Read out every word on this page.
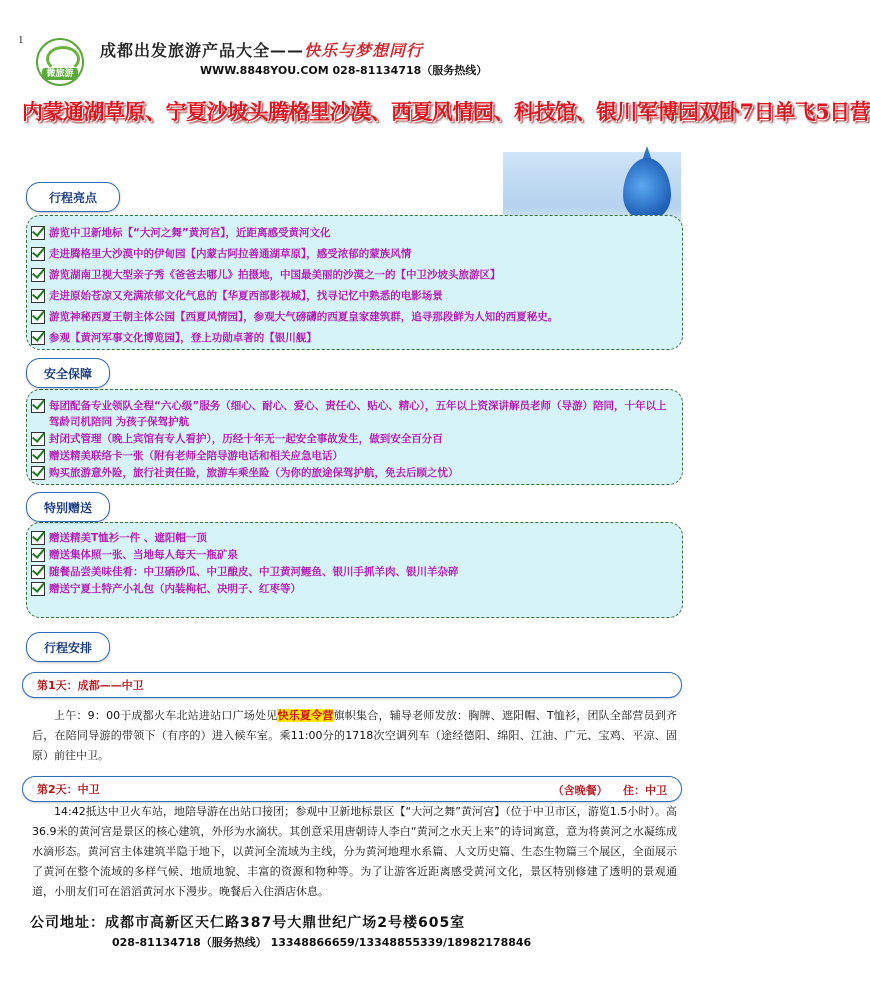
1
微旅游
成都出发旅游产品大全——快乐与梦想同行
WWW.8848YOU.COM 028-81134718（服务热线）
内蒙通湖草原、宁夏沙坡头腾格里沙漠、西夏风情园、科技馆、银川军博园双卧7日单飞5日营
行程亮点
游览中卫新地标【“大河之舞”黄河宫】，近距离感受黄河文化
走进腾格里大沙漠中的伊甸园【内蒙古阿拉善通湖草原】，感受浓郁的蒙族风情
游览湖南卫视大型亲子秀《爸爸去哪儿》拍摄地，中国最美丽的沙漠之一的【中卫沙坡头旅游区】
走进原始苍凉又充满浓郁文化气息的【华夏西部影视城】，找寻记忆中熟悉的电影场景
游览神秘西夏王朝主体公园【西夏风情园】，参观大气磅礴的西夏皇家建筑群，追寻那段鲜为人知的西夏秘史。
参观【黄河军事文化博览园】，登上功勋卓著的【银川舰】
安全保障
每团配备专业领队全程“六心级”服务（细心、耐心、爱心、责任心、贴心、精心），五年以上资深讲解员老师（导游）陪同，十年以上驾龄司机陪同 为孩子保驾护航
封闭式管理（晚上宾馆有专人看护），历经十年无一起安全事故发生，做到安全百分百
赠送精美联络卡一张（附有老师全陪导游电话和相关应急电话）
购买旅游意外险，旅行社责任险，旅游车乘坐险（为你的旅途保驾护航，免去后顾之忧）
特别赠送
赠送精美T恤衫一件 、遮阳帽一顶
赠送集体照一张、当地每人每天一瓶矿泉
随餐品尝美味佳肴：中卫硒砂瓜、中卫酿皮、中卫黄河鲤鱼、银川手抓羊肉、银川羊杂碎
赠送宁夏土特产小礼包（内装枸杞、决明子、红枣等）
行程安排
第1天：成都——中卫
上午：9：00于成都火车北站进站口广场处见快乐夏令营旗帜集合，辅导老师发放：胸牌、遮阳帽、T恤衫，团队全部营员到齐后，在陪同导游的带领下（有序的）进入候车室。乘11:00分的1718次空调列车（途经德阳、绵阳、江油、广元、宝鸡、平凉、固原）前往中卫。
第2天：中卫	（含晚餐） 住：中卫
14:42抵达中卫火车站，地陪导游在出站口接团；参观中卫新地标景区【“大河之舞”黄河宫】（位于中卫市区，游览1.5小时）。高36.9米的黄河宫是景区的核心建筑，外形为水滴状。其创意采用唐朝诗人李白“黄河之水天上来”的诗词寓意，意为将黄河之水凝练成水滴形态。黄河宫主体建筑半隐于地下，以黄河全流域为主线，分为黄河地理水系篇、人文历史篇、生态生物篇三个展区，全面展示了黄河在整个流域的多样气候、地质地貌、丰富的资源和物种等。为了让游客近距离感受黄河文化，景区特别修建了透明的景观通道，小朋友们可在滔滔黄河水下漫步。晚餐后入住酒店休息。
公司地址：成都市高新区天仁路387号大鼎世纪广场2号楼605室
028-81134718（服务热线） 13348866659/13348855339/18982178846
